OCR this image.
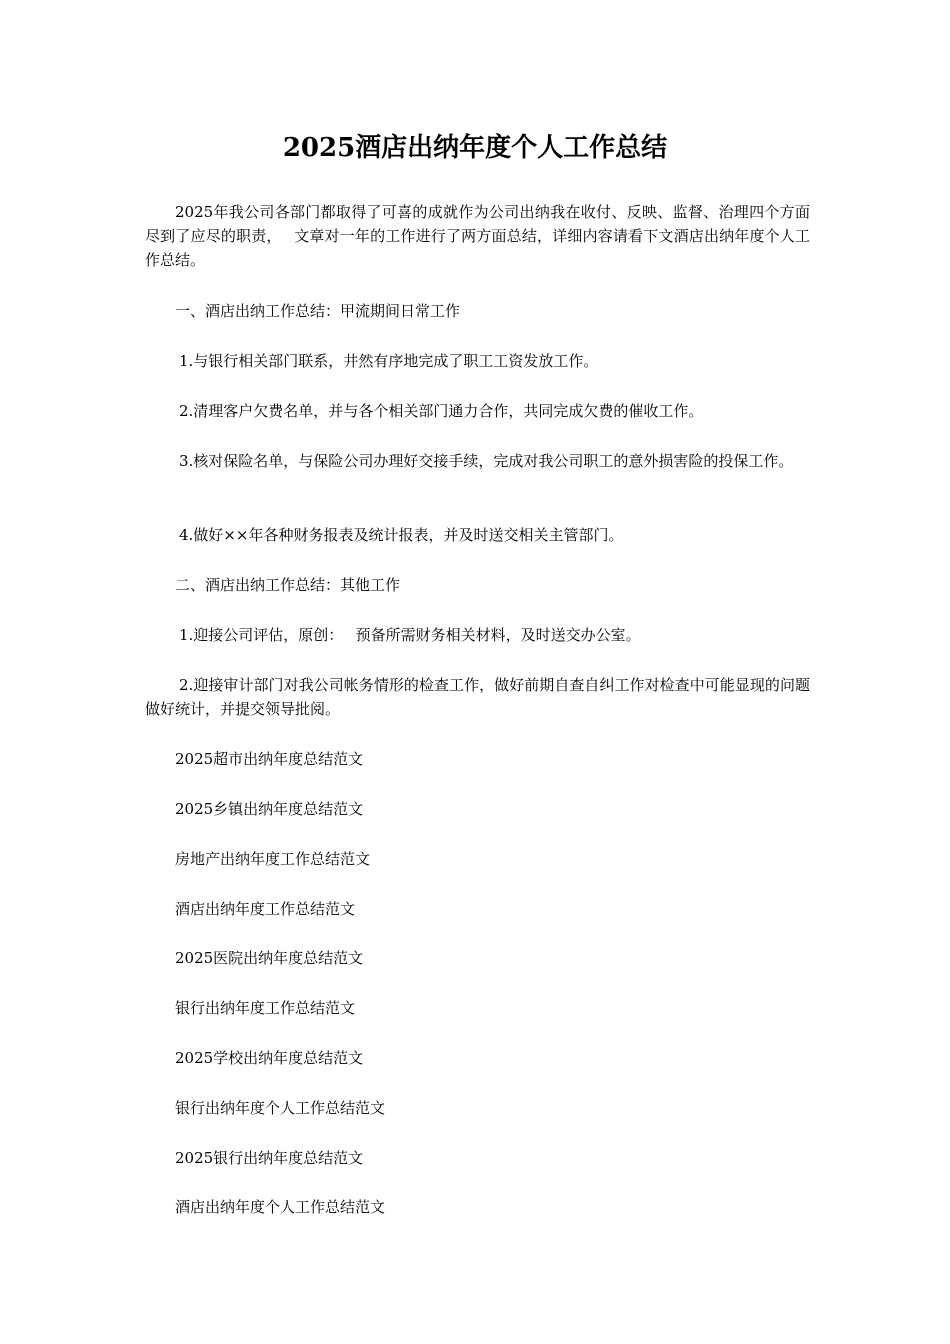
2025酒店出纳年度个人工作总结

2025年我公司各部门都取得了可喜的成就作为公司出纳我在收付、反映、监督、治理四个方面尽到了应尽的职责，　 文章对一年的工作进行了两方面总结，详细内容请看下文酒店出纳年度个人工作总结。

一、酒店出纳工作总结：甲流期间日常工作

1.与银行相关部门联系，井然有序地完成了职工工资发放工作。

2.清理客户欠费名单，并与各个相关部门通力合作，共同完成欠费的催收工作。

3.核对保险名单，与保险公司办理好交接手续，完成对我公司职工的意外损害险的投保工作。

4.做好××年各种财务报表及统计报表，并及时送交相关主管部门。

二、酒店出纳工作总结：其他工作

1.迎接公司评估，原创：　 预备所需财务相关材料，及时送交办公室。

2.迎接审计部门对我公司帐务情形的检查工作，做好前期自查自纠工作对检查中可能显现的问题做好统计，并提交领导批阅。

2025超市出纳年度总结范文

2025乡镇出纳年度总结范文

房地产出纳年度工作总结范文

酒店出纳年度工作总结范文

2025医院出纳年度总结范文

银行出纳年度工作总结范文

2025学校出纳年度总结范文

银行出纳年度个人工作总结范文

2025银行出纳年度总结范文

酒店出纳年度个人工作总结范文
